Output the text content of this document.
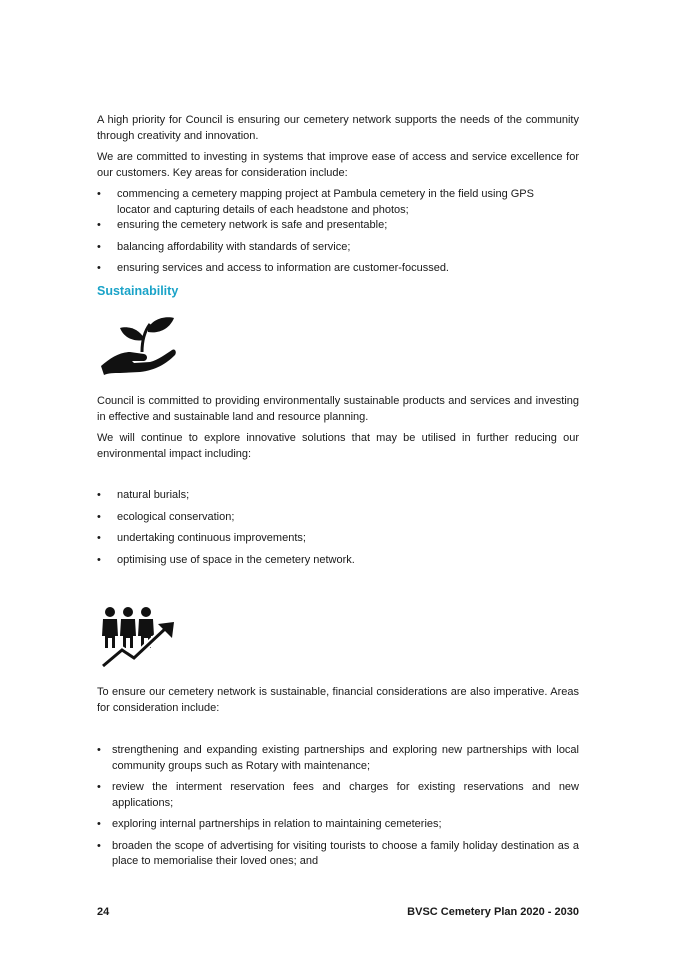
A high priority for Council is ensuring our cemetery network supports the needs of the community through creativity and innovation.

We are committed to investing in systems that improve ease of access and service excellence for our customers. Key areas for consideration include:

• commencing a cemetery mapping project at Pambula cemetery in the field using GPS locator and capturing details of each headstone and photos;
• ensuring the cemetery network is safe and presentable;
• balancing affordability with standards of service;
• ensuring services and access to information are customer-focussed.
Sustainability

Council is committed to providing environmentally sustainable products and services and investing in effective and sustainable land and resource planning.

We will continue to explore innovative solutions that may be utilised in further reducing our environmental impact including:

• natural burials;
• ecological conservation;
• undertaking continuous improvements;
• optimising use of space in the cemetery network.

To ensure our cemetery network is sustainable, financial considerations are also imperative. Areas for consideration include:

• strengthening and expanding existing partnerships and exploring new partnerships with local community groups such as Rotary with maintenance;
• review the interment reservation fees and charges for existing reservations and new applications;
• exploring internal partnerships in relation to maintaining cemeteries;
• broaden the scope of advertising for visiting tourists to choose a family holiday destination as a place to memorialise their loved ones; and
24	BVSC Cemetery Plan 2020 - 2030
